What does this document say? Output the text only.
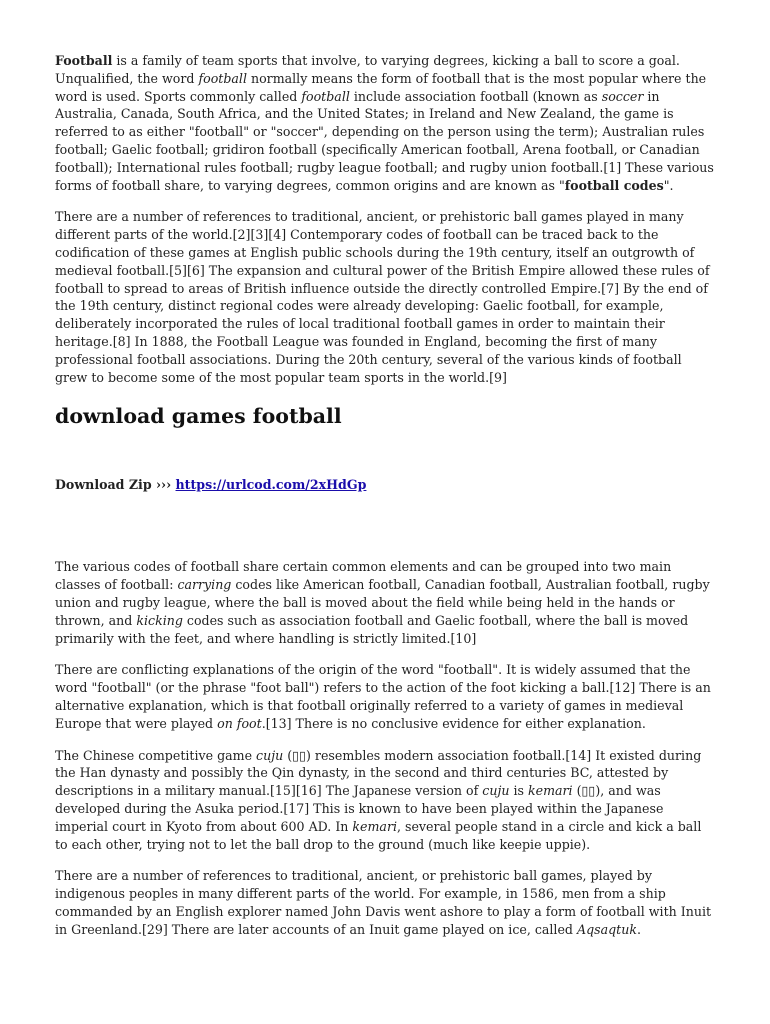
Football is a family of team sports that involve, to varying degrees, kicking a ball to score a goal. Unqualified, the word football normally means the form of football that is the most popular where the word is used. Sports commonly called football include association football (known as soccer in Australia, Canada, South Africa, and the United States; in Ireland and New Zealand, the game is referred to as either "football" or "soccer", depending on the person using the term); Australian rules football; Gaelic football; gridiron football (specifically American football, Arena football, or Canadian football); International rules football; rugby league football; and rugby union football.[1] These various forms of football share, to varying degrees, common origins and are known as "football codes".

There are a number of references to traditional, ancient, or prehistoric ball games played in many different parts of the world.[2][3][4] Contemporary codes of football can be traced back to the codification of these games at English public schools during the 19th century, itself an outgrowth of medieval football.[5][6] The expansion and cultural power of the British Empire allowed these rules of football to spread to areas of British influence outside the directly controlled Empire.[7] By the end of the 19th century, distinct regional codes were already developing: Gaelic football, for example, deliberately incorporated the rules of local traditional football games in order to maintain their heritage.[8] In 1888, the Football League was founded in England, becoming the first of many professional football associations. During the 20th century, several of the various kinds of football grew to become some of the most popular team sports in the world.[9]

download games football
Download Zip ››› https://urlcod.com/2xHdGp

The various codes of football share certain common elements and can be grouped into two main classes of football: carrying codes like American football, Canadian football, Australian football, rugby union and rugby league, where the ball is moved about the field while being held in the hands or thrown, and kicking codes such as association football and Gaelic football, where the ball is moved primarily with the feet, and where handling is strictly limited.[10]

There are conflicting explanations of the origin of the word "football". It is widely assumed that the word "football" (or the phrase "foot ball") refers to the action of the foot kicking a ball.[12] There is an alternative explanation, which is that football originally referred to a variety of games in medieval Europe that were played on foot.[13] There is no conclusive evidence for either explanation.

The Chinese competitive game cuju (▯▯) resembles modern association football.[14] It existed during the Han dynasty and possibly the Qin dynasty, in the second and third centuries BC, attested by descriptions in a military manual.[15][16] The Japanese version of cuju is kemari (▯▯), and was developed during the Asuka period.[17] This is known to have been played within the Japanese imperial court in Kyoto from about 600 AD. In kemari, several people stand in a circle and kick a ball to each other, trying not to let the ball drop to the ground (much like keepie uppie).

There are a number of references to traditional, ancient, or prehistoric ball games, played by indigenous peoples in many different parts of the world. For example, in 1586, men from a ship commanded by an English explorer named John Davis went ashore to play a form of football with Inuit in Greenland.[29] There are later accounts of an Inuit game played on ice, called Aqsaqtuk.
